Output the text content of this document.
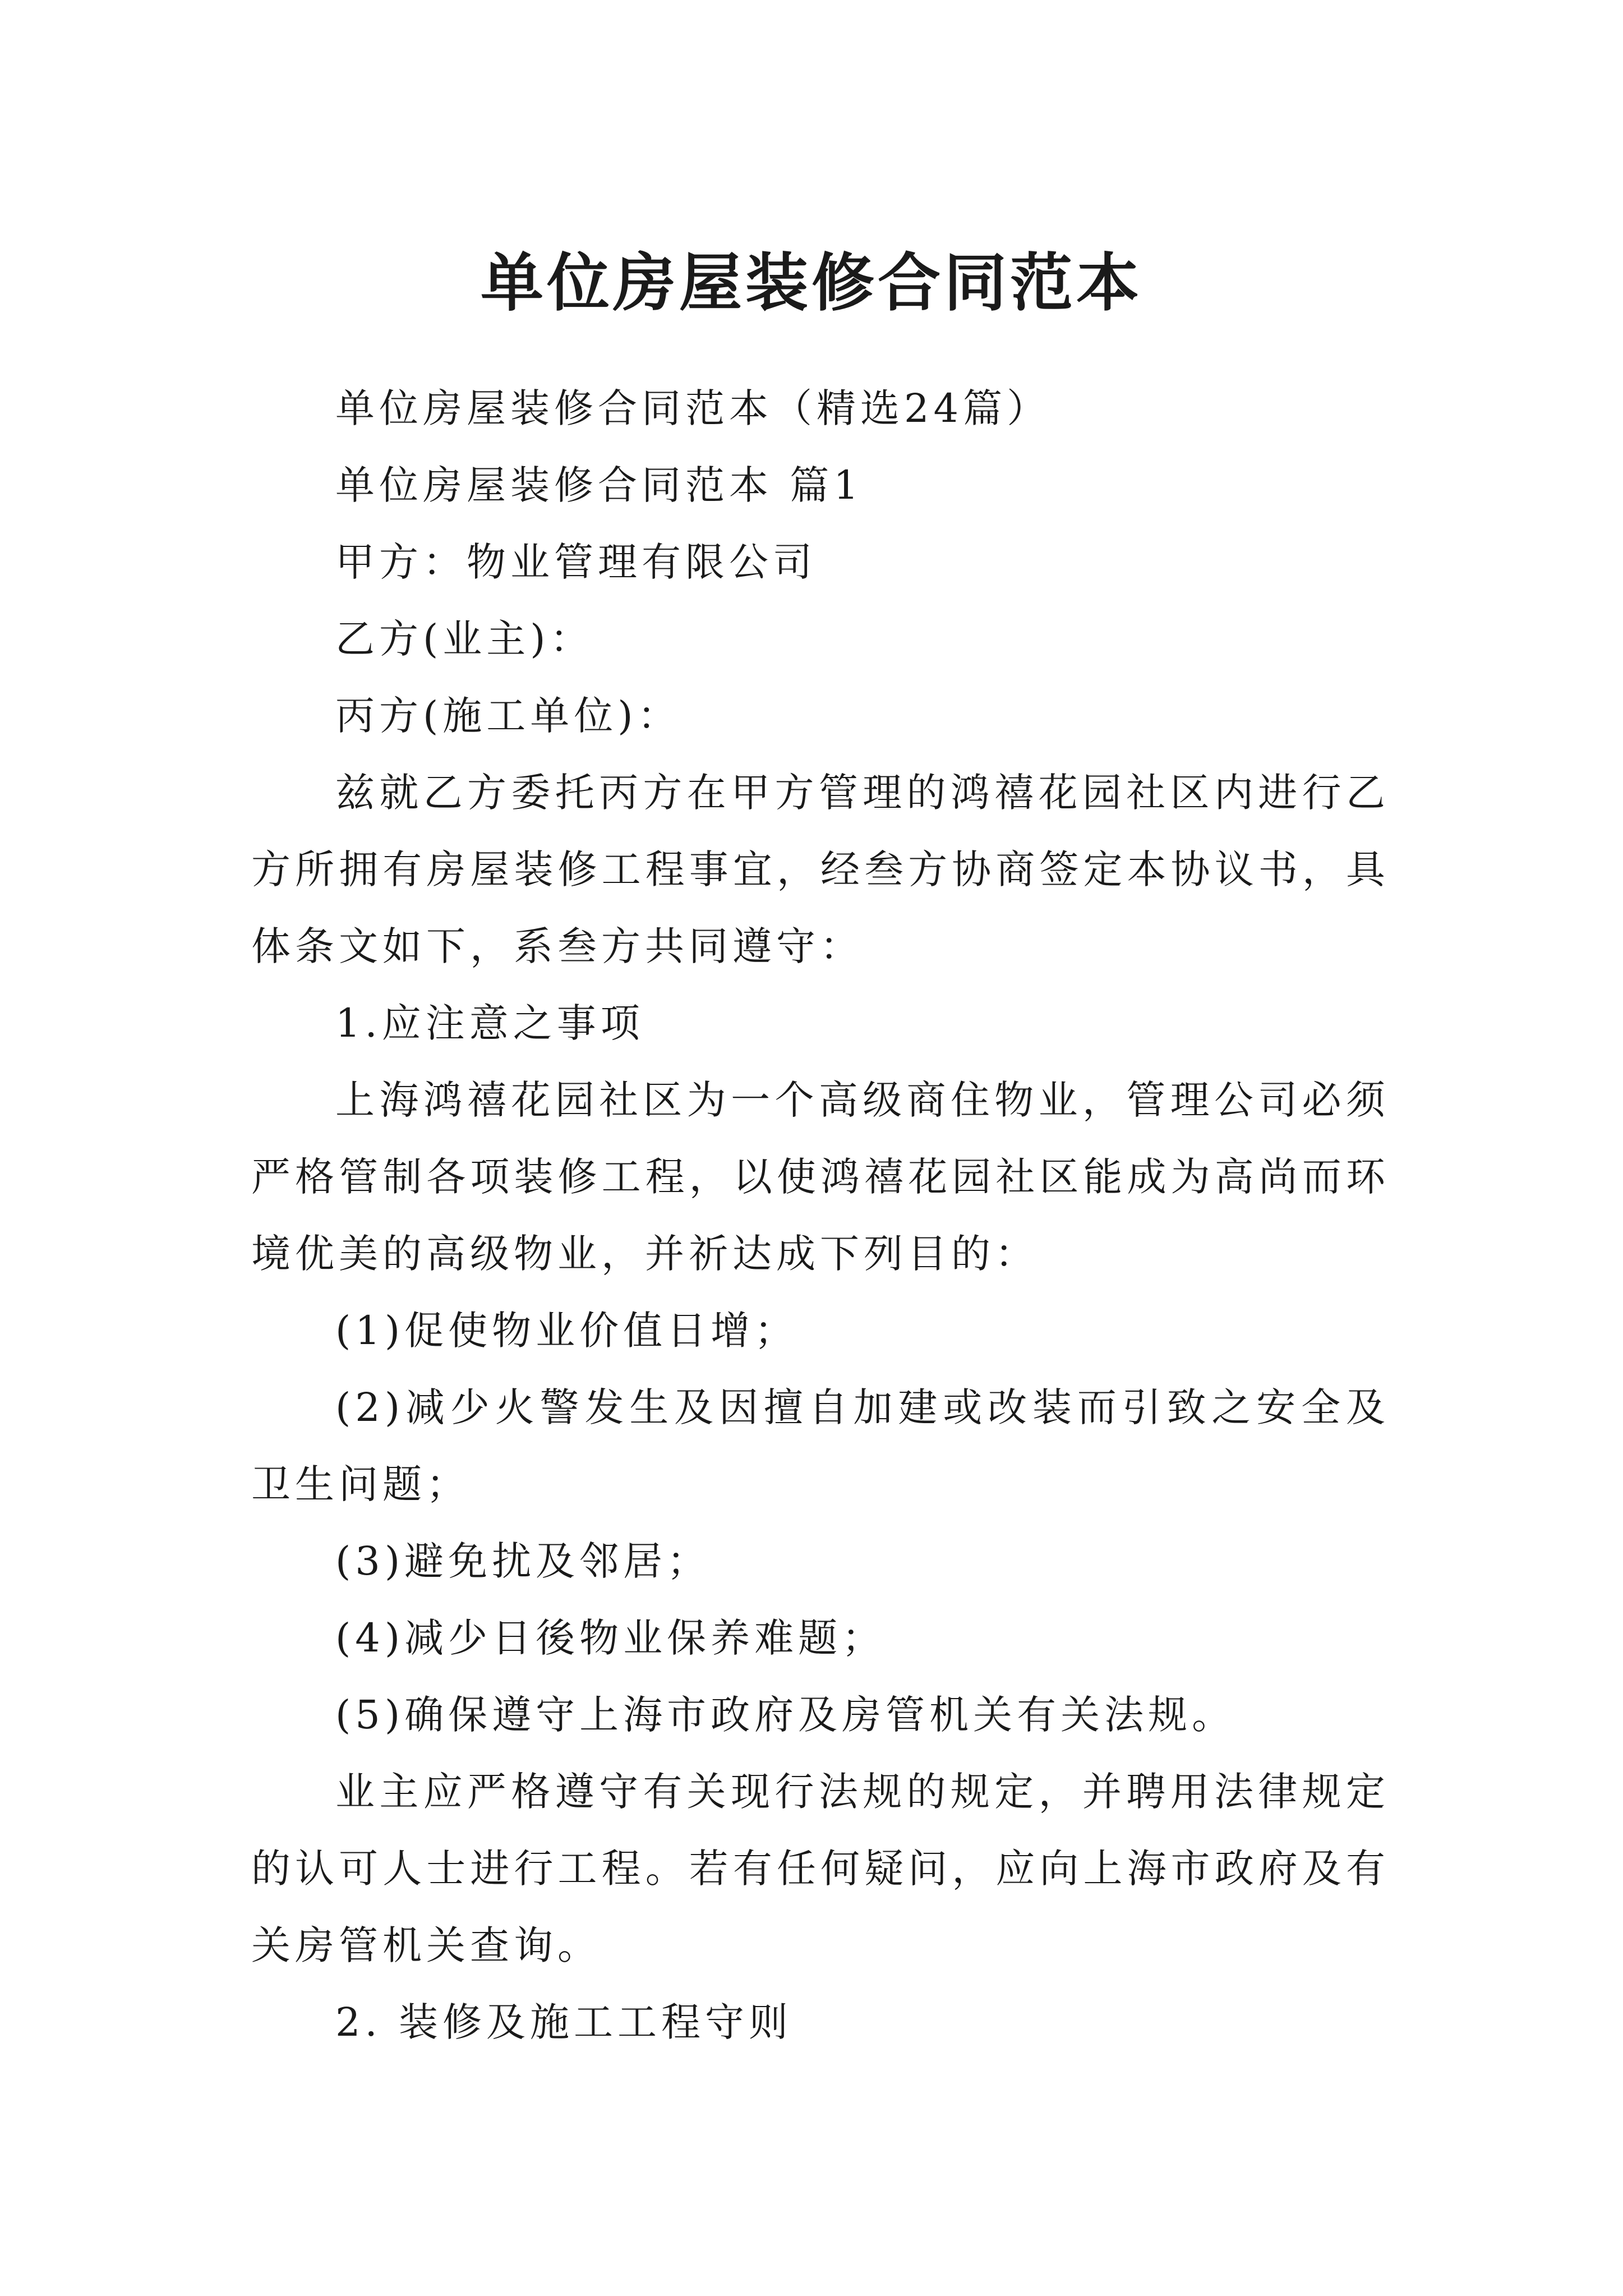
单位房屋装修合同范本

单位房屋装修合同范本（精选24篇）

单位房屋装修合同范本 篇1

甲方：物业管理有限公司

乙方(业主)：

丙方(施工单位)：

兹就乙方委托丙方在甲方管理的鸿禧花园社区内进行乙方所拥有房屋装修工程事宜，经叁方协商签定本协议书，具体条文如下，系叁方共同遵守：

1.应注意之事项

上海鸿禧花园社区为一个高级商住物业，管理公司必须严格管制各项装修工程，以使鸿禧花园社区能成为高尚而环境优美的高级物业，并祈达成下列目的：

(1)促使物业价值日增；

(2)减少火警发生及因擅自加建或改装而引致之安全及卫生问题；

(3)避免扰及邻居；

(4)减少日後物业保养难题；

(5)确保遵守上海市政府及房管机关有关法规。

业主应严格遵守有关现行法规的规定，并聘用法律规定的认可人士进行工程。若有任何疑问，应向上海市政府及有关房管机关查询。

2. 装修及施工工程守则
